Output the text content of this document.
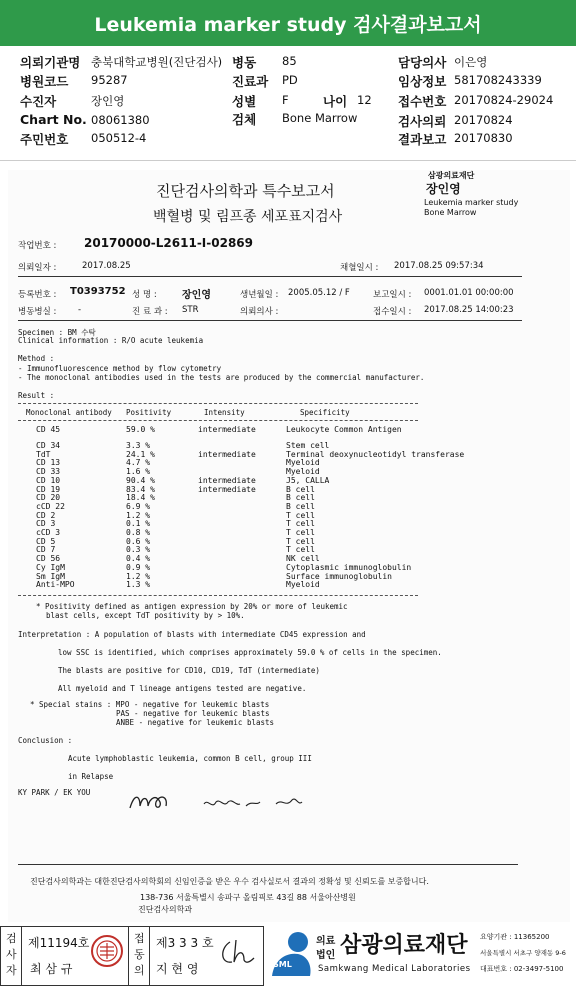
Leukemia marker study 검사결과보고서
의뢰기관명 충북대학교병원(진단검사) 병동 85	담당의사 이은영
병원코드 95287	진료과 PD	임상정보 581708243339
수진자	장인영	성별 F	나이 12 접수번호 20170824-29024
Chart No. 08061380	검체 Bone Marrow	검사의뢰 20170824
주민번호 050512-4	결과보고 20170830
삼광의료재단
장인영
Leukemia marker study
Bone Marrow
진단검사의학과 특수보고서
백혈병 및 림프종 세포표지검사
작업번호 : 20170000-L2611-I-02869
의뢰일자 :	2017.08.25	채혈일시 : 2017.08.25 09:57:34
등록번호 : T0393752 성 명 :	장인영	생년월일 : 2005.05.12 / F	보고일시 : 0001.01.01 00:00:00
병동병실 :	-	진 료 과 : STR	의뢰의사 :	접수일시 : 2017.08.25 14:00:23
Specimen : BM 수탁
Clinical information : R/O acute leukemia
Method :
- Immunofluorescence method by flow cytometry
- The monoclonal antibodies used in the tests are produced by the commercial manufacturer.
Result :
Monoclonal antibody Positivity	Intensity	Specificity
CD 45	59.0 %	intermediate	Leukocyte Common Antigen
CD 34	3.3 %	Stem cell
TdT	24.1 %	intermediate	Terminal deoxynucleotidyl transferase
CD 13	4.7 %	Myeloid
CD 33	1.6 %	Myeloid
CD 10	90.4 %	intermediate	J5, CALLA
CD 19	83.4 %	intermediate	B cell
CD 20	18.4 %	B cell
cCD 22	6.9 %	B cell
CD 2	1.2 %	T cell
CD 3	0.1 %	T cell
cCD 3	0.8 %	T cell
CD 5	0.6 %	T cell
CD 7	0.3 %	T cell
CD 56	0.4 %	NK cell
Cy IgM	0.9 %	Cytoplasmic immunoglobulin
Sm IgM	1.2 %	Surface immunoglobulin
Anti-MPO	1.3 %	Myeloid
* Positivity defined as antigen expression by 20% or more of leukemic
blast cells, except TdT positivity by > 10%.
Interpretation : A population of blasts with intermediate CD45 expression and
low SSC is identified, which comprises approximately 59.0 % of cells in the specimen.
The blasts are positive for CD10, CD19, TdT (intermediate)
All myeloid and T lineage antigens tested are negative.
* Special stains : MPO - negative for leukemic blasts
PAS - negative for leukemic blasts
ANBE - negative for leukemic blasts
Conclusion :
Acute lymphoblastic leukemia, common B cell, group III
in Relapse
KY PARK / EK YOU
진단검사의학과는 대한진단검사의학회의 신임인증을 받은 우수 검사실로서 결과의 정확성 및 신뢰도를 보증합니다.
138-736 서울특별시 송파구 올림픽로 43길 88 서울아산병원
진단검사의학과
검사자
제11194호
최 삼 규
접동의
제3 3 3 호
지 현 영	SML
의료
법인 삼광의료재단
Samkwang Medical Laboratories
요양기관 : 11365200
서울특별시 서초구 양재동 9-6
대표번호 : 02-3497-5100
